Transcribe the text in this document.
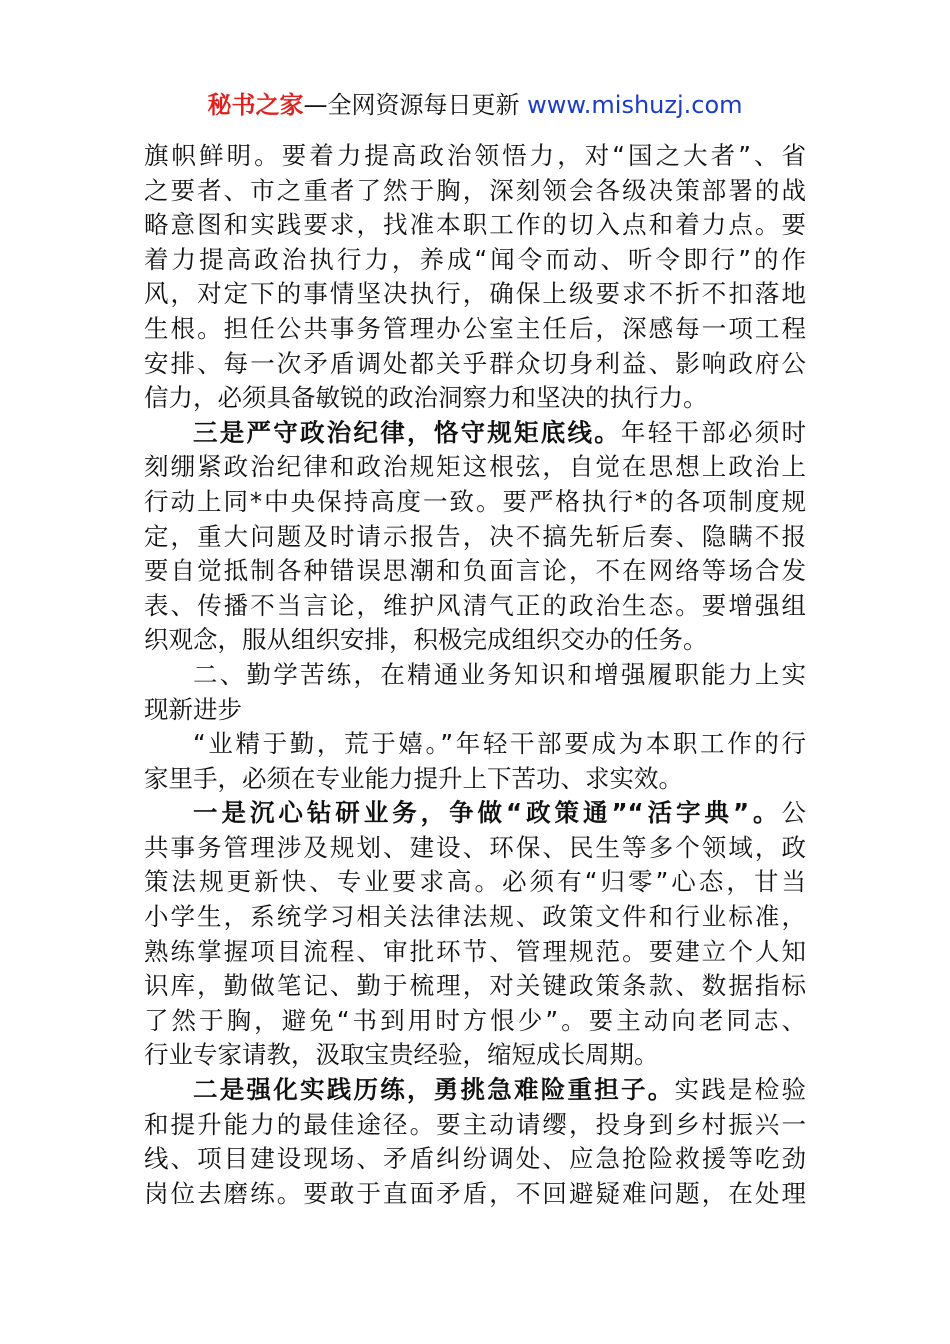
秘书之家—全网资源每日更新 www.mishuzj.com
旗帜鲜明。要着力提高政治领悟力，对“国之大者”、省
之要者、市之重者了然于胸，深刻领会各级决策部署的战
略意图和实践要求，找准本职工作的切入点和着力点。要
着力提高政治执行力，养成“闻令而动、听令即行”的作
风，对定下的事情坚决执行，确保上级要求不折不扣落地
生根。担任公共事务管理办公室主任后，深感每一项工程
安排、每一次矛盾调处都关乎群众切身利益、影响政府公
信力，必须具备敏锐的政治洞察力和坚决的执行力。
三是严守政治纪律，恪守规矩底线。年轻干部必须时
刻绷紧政治纪律和政治规矩这根弦，自觉在思想上政治上
行动上同*中央保持高度一致。要严格执行*的各项制度规
定，重大问题及时请示报告，决不搞先斩后奏、隐瞒不报
要自觉抵制各种错误思潮和负面言论，不在网络等场合发
表、传播不当言论，维护风清气正的政治生态。要增强组
织观念，服从组织安排，积极完成组织交办的任务。
二、勤学苦练，在精通业务知识和增强履职能力上实
现新进步
“业精于勤，荒于嬉。”年轻干部要成为本职工作的行
家里手，必须在专业能力提升上下苦功、求实效。
一是沉心钻研业务，争做“政策通”“活字典”。公
共事务管理涉及规划、建设、环保、民生等多个领域，政
策法规更新快、专业要求高。必须有“归零”心态，甘当
小学生，系统学习相关法律法规、政策文件和行业标准，
熟练掌握项目流程、审批环节、管理规范。要建立个人知
识库，勤做笔记、勤于梳理，对关键政策条款、数据指标
了然于胸，避免“书到用时方恨少”。要主动向老同志、
行业专家请教，汲取宝贵经验，缩短成长周期。
二是强化实践历练，勇挑急难险重担子。实践是检验
和提升能力的最佳途径。要主动请缨，投身到乡村振兴一
线、项目建设现场、矛盾纠纷调处、应急抢险救援等吃劲
岗位去磨练。要敢于直面矛盾，不回避疑难问题，在处理
